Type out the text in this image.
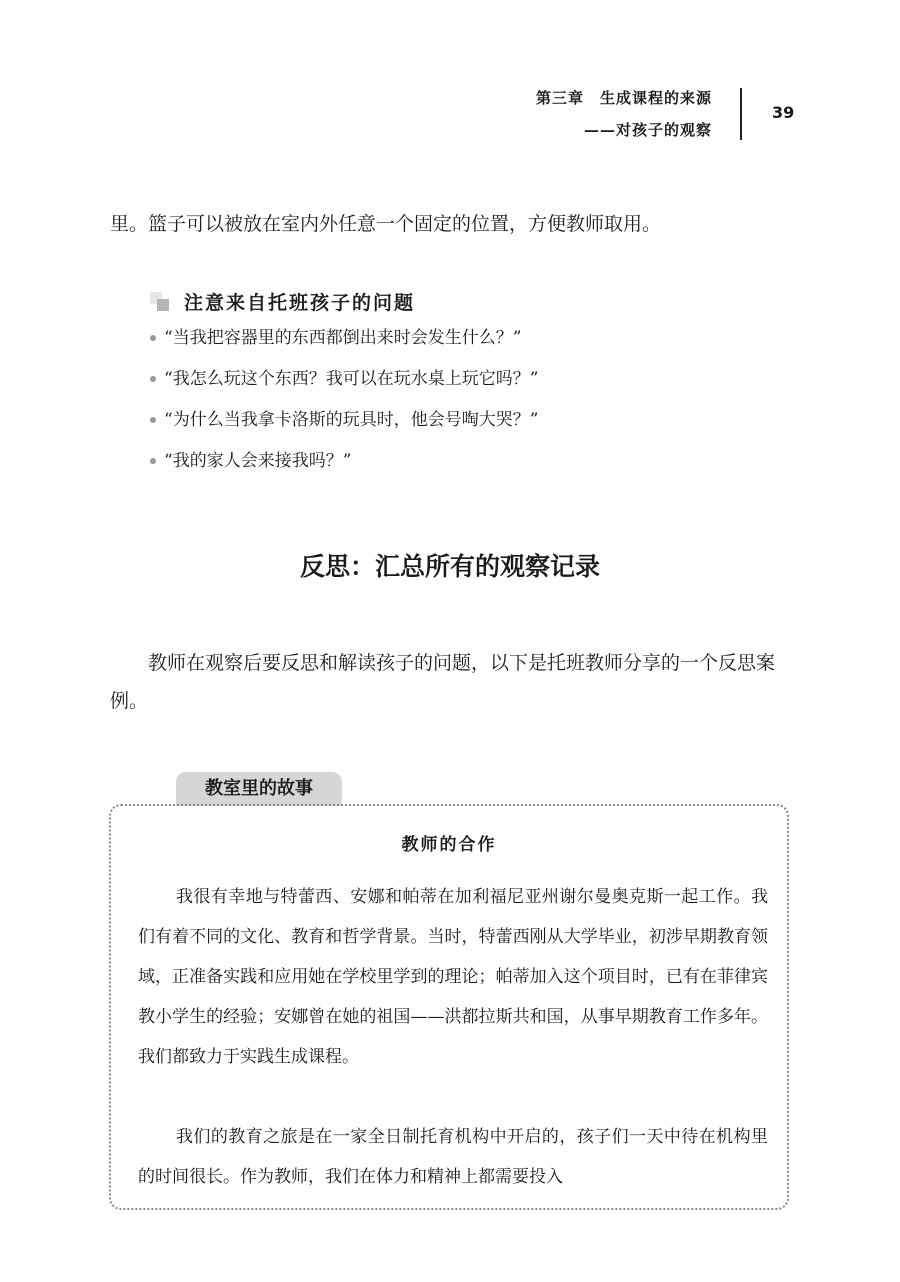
第三章　生成课程的来源
——对孩子的观察
39
里。篮子可以被放在室内外任意一个固定的位置，方便教师取用。
注意来自托班孩子的问题
“当我把容器里的东西都倒出来时会发生什么？”
“我怎么玩这个东西？我可以在玩水桌上玩它吗？”
“为什么当我拿卡洛斯的玩具时，他会号啕大哭？”
“我的家人会来接我吗？”
反思：汇总所有的观察记录
教师在观察后要反思和解读孩子的问题，以下是托班教师分享的一个反思案例。
教室里的故事
教师的合作
我很有幸地与特蕾西、安娜和帕蒂在加利福尼亚州谢尔曼奥克斯一起工作。我们有着不同的文化、教育和哲学背景。当时，特蕾西刚从大学毕业，初涉早期教育领域，正准备实践和应用她在学校里学到的理论；帕蒂加入这个项目时，已有在菲律宾教小学生的经验；安娜曾在她的祖国——洪都拉斯共和国，从事早期教育工作多年。我们都致力于实践生成课程。
我们的教育之旅是在一家全日制托育机构中开启的，孩子们一天中待在机构里的时间很长。作为教师，我们在体力和精神上都需要投入
